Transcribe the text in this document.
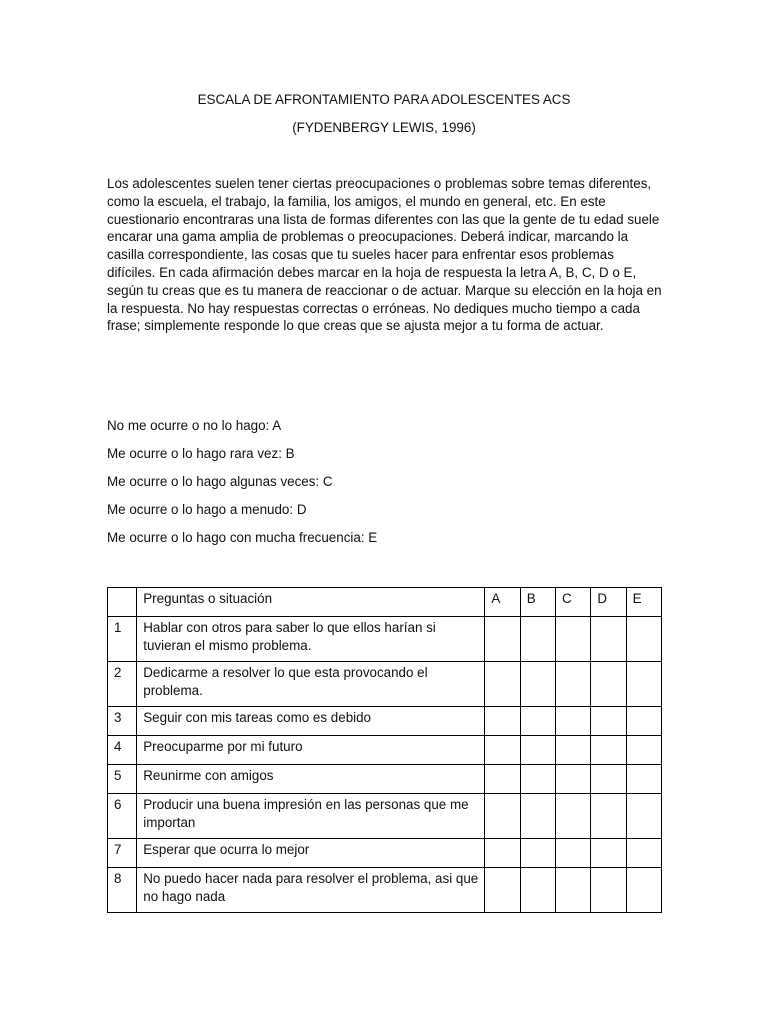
ESCALA DE AFRONTAMIENTO PARA ADOLESCENTES ACS
(FYDENBERGY LEWIS, 1996)

Los adolescentes suelen tener ciertas preocupaciones o problemas sobre temas diferentes, como la escuela, el trabajo, la familia, los amigos, el mundo en general, etc. En este cuestionario encontraras una lista de formas diferentes con las que la gente de tu edad suele encarar una gama amplia de problemas o preocupaciones. Deberá indicar, marcando la casilla correspondiente, las cosas que tu sueles hacer para enfrentar esos problemas difíciles. En cada afirmación debes marcar en la hoja de respuesta la letra A, B, C, D o E, según tu creas que es tu manera de reaccionar o de actuar. Marque su elección en la hoja en la respuesta. No hay respuestas correctas o erróneas. No dediques mucho tiempo a cada frase; simplemente responde lo que creas que se ajusta mejor a tu forma de actuar.

No me ocurre o no lo hago: A
Me ocurre o lo hago rara vez: B
Me ocurre o lo hago algunas veces: C
Me ocurre o lo hago a menudo: D
Me ocurre o lo hago con mucha frecuencia: E
	Preguntas o situación	A	B	C	D	E
1	Hablar con otros para saber lo que ellos harían si tuvieran el mismo problema.					
2	Dedicarme a resolver lo que esta provocando el problema.					
3	Seguir con mis tareas como es debido					
4	Preocuparme por mi futuro					
5	Reunirme con amigos					
6	Producir una buena impresión en las personas que me importan					
7	Esperar que ocurra lo mejor					
8	No puedo hacer nada para resolver el problema, asi que no hago nada					
